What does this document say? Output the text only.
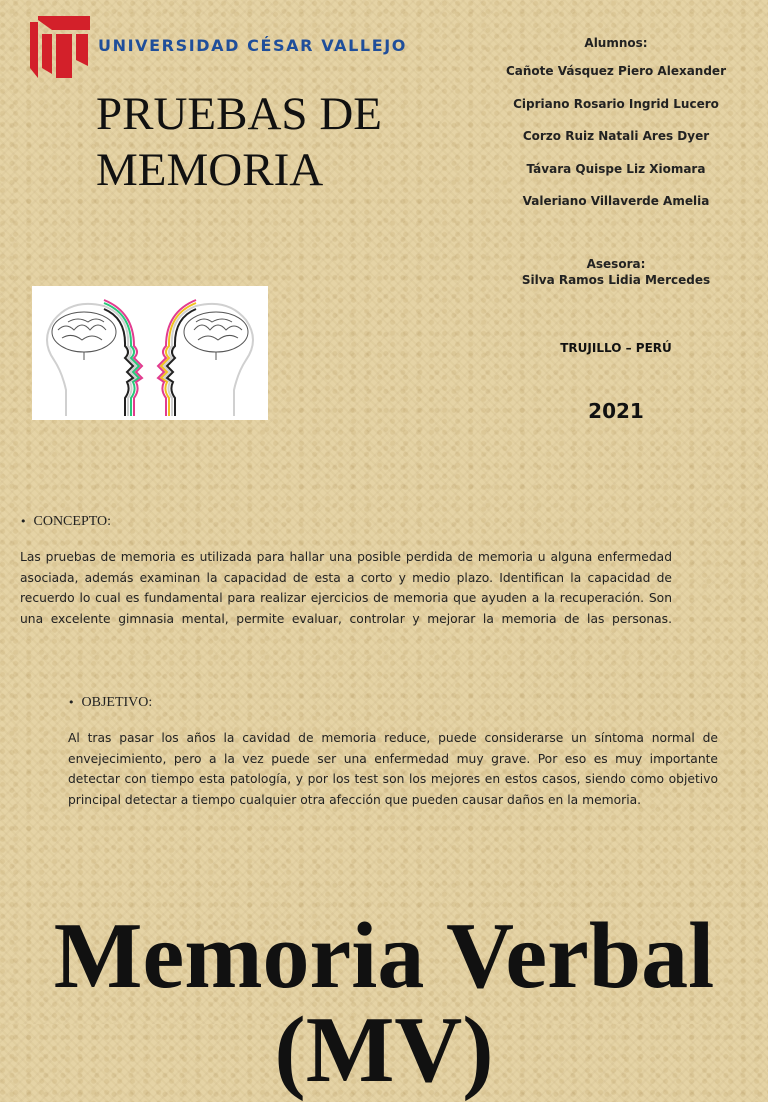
UNIVERSIDAD CÉSAR VALLEJO
PRUEBAS DE
MEMORIA
Alumnos:
Cañote Vásquez Piero Alexander
Cipriano Rosario Ingrid Lucero
Corzo Ruiz Natali Ares Dyer
Távara Quispe Liz Xiomara
Valeriano Villaverde Amelia
Asesora:
Silva Ramos Lidia Mercedes
TRUJILLO – PERÚ
2021
• CONCEPTO:
Las pruebas de memoria es utilizada para hallar una posible perdida de memoria u alguna enfermedad asociada, además examinan la capacidad de esta a corto y medio plazo. Identifican la capacidad de recuerdo lo cual es fundamental para realizar ejercicios de memoria que ayuden a la recuperación. Son una excelente gimnasia mental, permite evaluar, controlar y mejorar la memoria de las personas.
• OBJETIVO:
Al tras pasar los años la cavidad de memoria reduce, puede considerarse un síntoma normal de envejecimiento, pero a la vez puede ser una enfermedad muy grave. Por eso es muy importante detectar con tiempo esta patología, y por los test son los mejores en estos casos, siendo como objetivo principal detectar a tiempo cualquier otra afección que pueden causar daños en la memoria.
Memoria Verbal
(MV)
